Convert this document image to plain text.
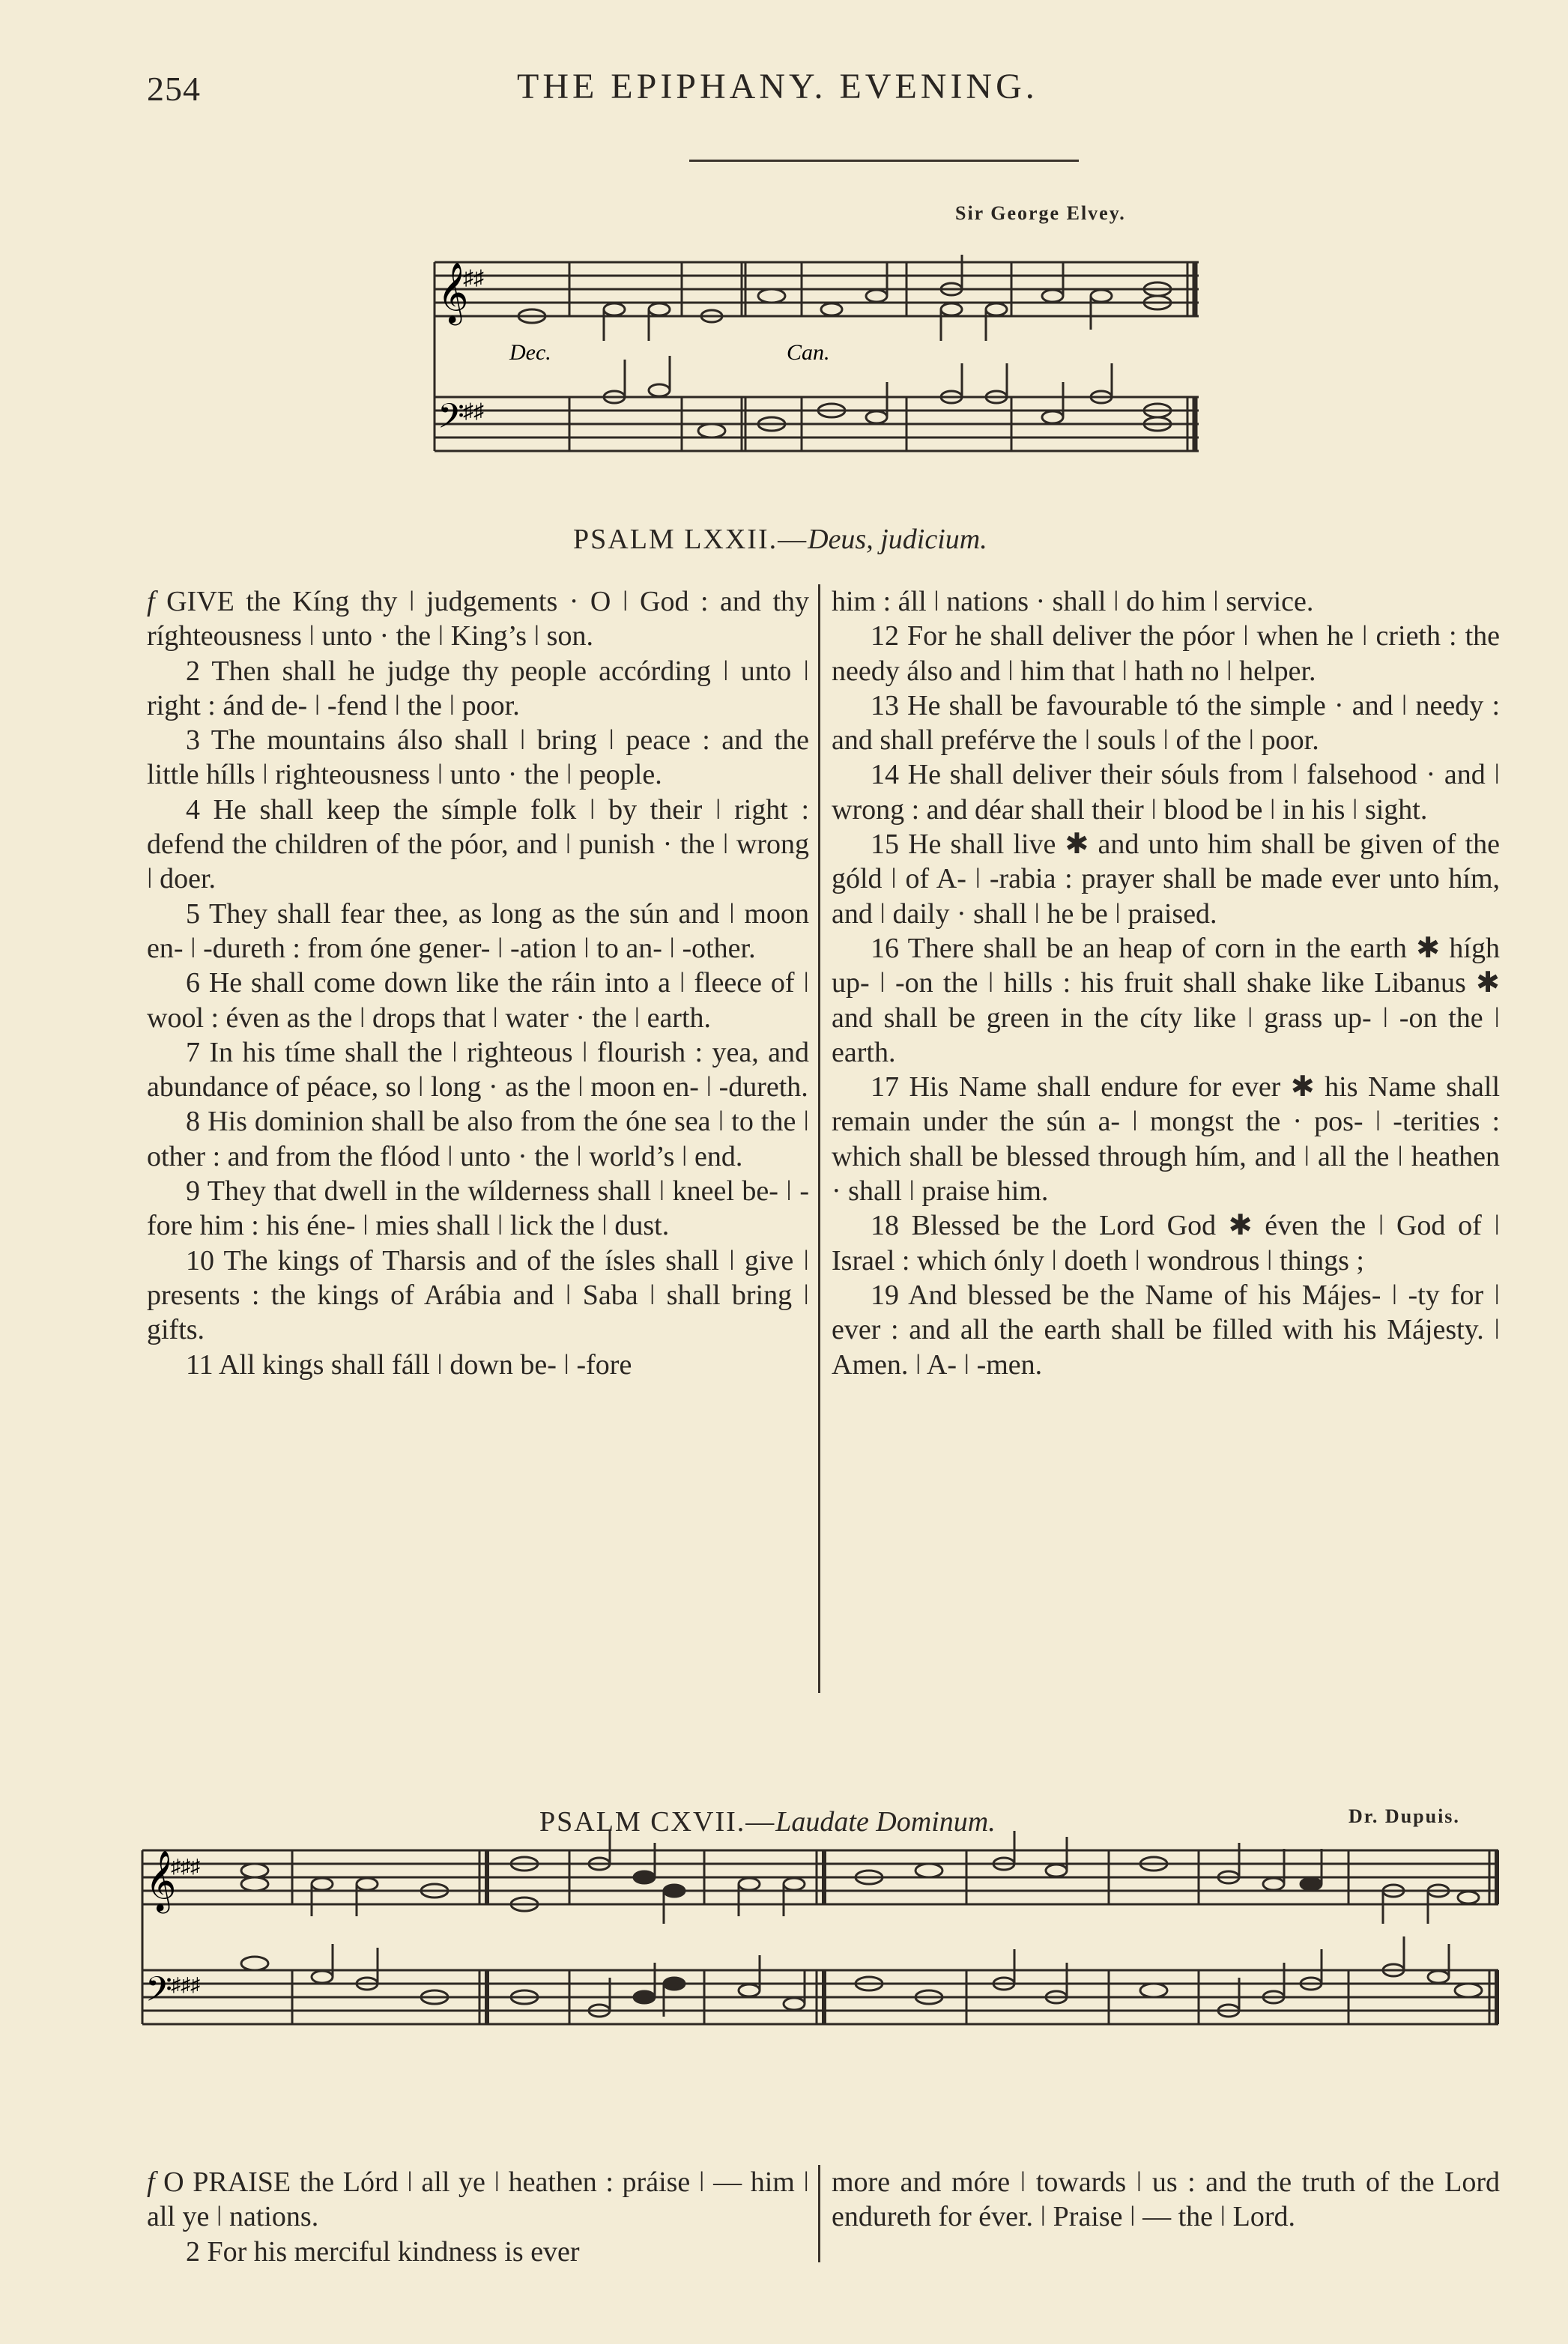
254	THE EPIPHANY. EVENING.
Sir George Elvey.
𝄞
𝄢
♯♯
♯♯
Dec.	Can.
PSALM LXXII.—Deus, judicium.

f GIVE the Kíng thy ǀ judgements · O ǀ God : and thy ríghteousness ǀ unto · the ǀ King’s ǀ son.

2 Then shall he judge thy people accórding ǀ unto ǀ right : ánd de- ǀ -fend ǀ the ǀ poor.

3 The mountains álso shall ǀ bring ǀ peace : and the little hílls ǀ righteousness ǀ unto · the ǀ people.

4 He shall keep the símple folk ǀ by their ǀ right : defend the children of the póor, and ǀ punish · the ǀ wrong ǀ doer.

5 They shall fear thee, as long as the sún and ǀ moon en- ǀ -dureth : from óne gener- ǀ -ation ǀ to an- ǀ -other.

6 He shall come down like the ráin into a ǀ fleece of ǀ wool : éven as the ǀ drops that ǀ water · the ǀ earth.

7 In his tíme shall the ǀ righteous ǀ flourish : yea, and abundance of péace, so ǀ long · as the ǀ moon en- ǀ -dureth.

8 His dominion shall be also from the óne sea ǀ to the ǀ other : and from the flóod ǀ unto · the ǀ world’s ǀ end.

9 They that dwell in the wílderness shall ǀ kneel be- ǀ -fore him : his éne- ǀ mies shall ǀ lick the ǀ dust.

10 The kings of Tharsis and of the ísles shall ǀ give ǀ presents : the kings of Arábia and ǀ Saba ǀ shall bring ǀ gifts.

11 All kings shall fáll ǀ down be- ǀ -fore

him : áll ǀ nations · shall ǀ do him ǀ service.

12 For he shall deliver the póor ǀ when he ǀ crieth : the needy álso and ǀ him that ǀ hath no ǀ helper.

13 He shall be favourable tó the simple · and ǀ needy : and shall preférve the ǀ souls ǀ of the ǀ poor.

14 He shall deliver their sóuls from ǀ falsehood · and ǀ wrong : and déar shall their ǀ blood be ǀ in his ǀ sight.

15 He shall live ✱ and unto him shall be given of the góld ǀ of A- ǀ -rabia : prayer shall be made ever unto hím, and ǀ daily · shall ǀ he be ǀ praised.

16 There shall be an heap of corn in the earth ✱ hígh up- ǀ -on the ǀ hills : his fruit shall shake like Libanus ✱ and shall be green in the cíty like ǀ grass up- ǀ -on the ǀ earth.

17 His Name shall endure for ever ✱ his Name shall remain under the sún a- ǀ mongst the · pos- ǀ -terities : which shall be blessed through hím, and ǀ all the ǀ heathen · shall ǀ praise him.

18 Blessed be the Lord God ✱ éven the ǀ God of ǀ Israel : which ónly ǀ doeth ǀ wondrous ǀ things ;

19 And blessed be the Name of his Májes- ǀ -ty for ǀ ever : and all the earth shall be filled with his Májesty. ǀ Amen. ǀ A- ǀ -men.

Dr. Dupuis.
𝄞
𝄢
♯♯♯
♯♯♯
PSALM CXVII.—Laudate Dominum.

f O PRAISE the Lórd ǀ all ye ǀ heathen : práise ǀ — him ǀ all ye ǀ nations.

2 For his merciful kindness is ever

more and móre ǀ towards ǀ us : and the truth of the Lord endureth for éver. ǀ Praise ǀ — the ǀ Lord.
